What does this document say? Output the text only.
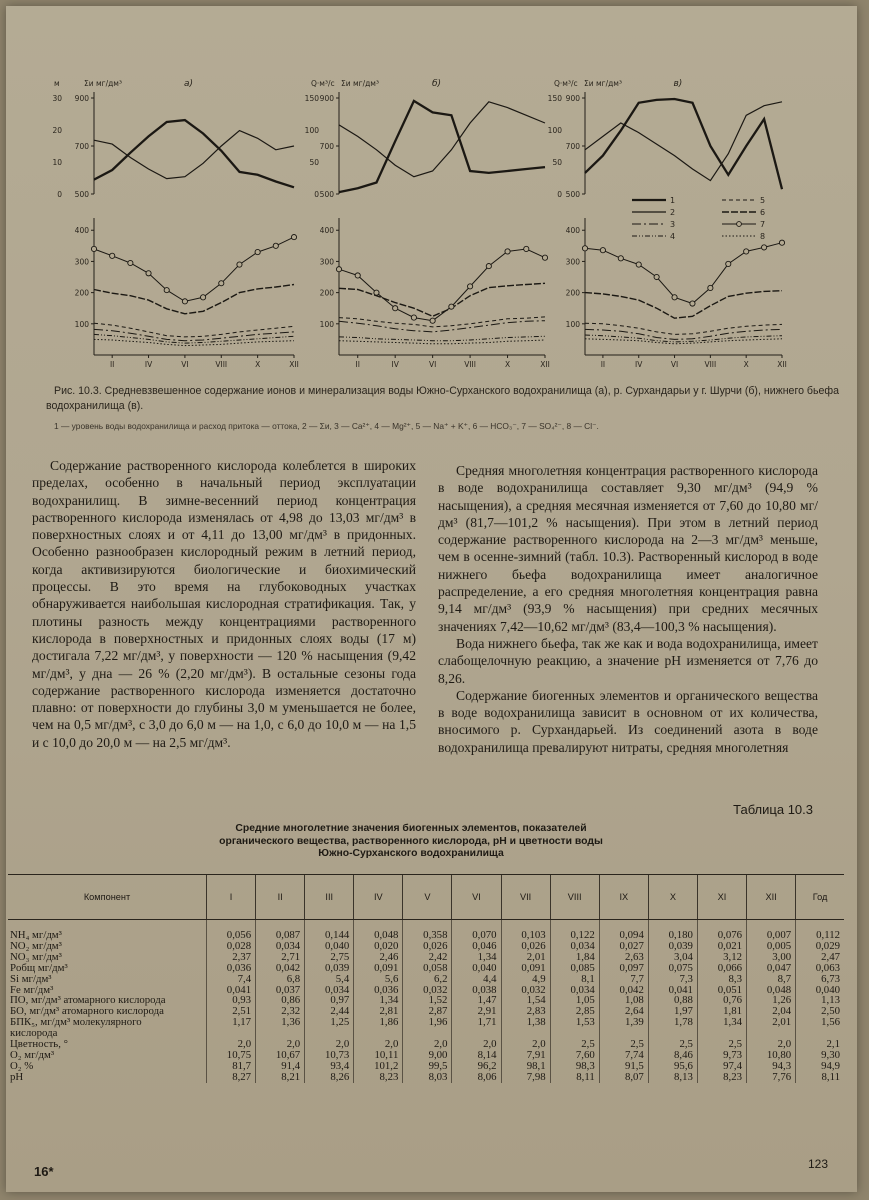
м	Σи мг/дм³	а)
30
20
10
0
900
700
500
400
300
200
100
II	IV	VI	VIII	X	XII
Q·м³/с Σи мг/дм³	б)
150
100
50
0
900
700
500
400
300
200
100
II	IV	VI	VIII	X	XII
Q·м³/с Σи мг/дм³	в)
150
100
50
0
900
700
500
400
300
200
100
II	IV	VI	VIII	X	XII
1
2
3
4
5
6
7
8
Рис. 10.3. Средневзвешенное содержание ионов и минерализация воды Южно-Сурханского водохранилища (а), р. Сурхандарьи у г. Шурчи (б), нижнего бьефа водохранилища (в).
1 — уровень воды водохранилища и расход притока — оттока, 2 — Σи, 3 — Ca²⁺, 4 — Mg²⁺, 5 — Na⁺ + K⁺, 6 — HCO₃⁻, 7 — SO₄²⁻, 8 — Cl⁻.

Содержание растворенного кислорода колеблется в широких пределах, особенно в начальный период эксплуатации водохранилищ. В зимне-весенний период концентрация растворенного кислорода изменялась от 4,98 до 13,03 мг/дм³ в поверхностных слоях и от 4,11 до 13,00 мг/дм³ в придонных. Особенно разнообразен кислородный режим в летний период, когда активизируются биологические и биохимический процессы. В это время на глубоководных участках обнаруживается наибольшая кислородная стратификация. Так, у плотины разность между концентрациями растворенного кислорода в поверхностных и придонных слоях воды (17 м) достигала 7,22 мг/дм³, у поверхности — 120 % насыщения (9,42 мг/дм³, у дна — 26 % (2,20 мг/дм³). В остальные сезоны года содержание растворенного кислорода изменяется достаточно плавно: от поверхности до глубины 3,0 м уменьшается не более, чем на 0,5 мг/дм³, с 3,0 до 6,0 м — на 1,0, с 6,0 до 10,0 м — на 1,5 и с 10,0 до 20,0 м — на 2,5 мг/дм³.

Средняя многолетняя концентрация растворенного кислорода в воде водохранилища составляет 9,30 мг/дм³ (94,9 % насыщения), а средняя месячная изменяется от 7,60 до 10,80 мг/дм³ (81,7—101,2 % насыщения). При этом в летний период содержание растворенного кислорода на 2—3 мг/дм³ меньше, чем в осенне-зимний (табл. 10.3). Растворенный кислород в воде нижнего бьефа водохранилища имеет аналогичное распределение, а его средняя многолетняя концентрация равна 9,14 мг/дм³ (93,9 % насыщения) при средних месячных значениях 7,42—10,62 мг/дм³ (83,4—100,3 % насыщения).

Вода нижнего бьефа, так же как и вода водохранилища, имеет слабощелочную реакцию, а значение pH изменяется от 7,76 до 8,26.

Содержание биогенных элементов и органического вещества в воде водохранилища зависит в основном от их количества, вносимого р. Сурхандарьей. Из соединений азота в воде водохранилища превалируют нитраты, средняя многолетняя

Таблица 10.3
Средние многолетние значения биогенных элементов, показателей
органического вещества, растворенного кислорода, pH и цветности воды
Южно-Сурханского водохранилища
Компонент	I	II	III	IV	V	VI	VII	VIII	IX	X	XI	XII	Год
NH₄ мг/дм³	0,056	0,087	0,144	0,048	0,358	0,070	0,103	0,122	0,094	0,180	0,076	0,007	0,112
NO₂ мг/дм³	0,028	0,034	0,040	0,020	0,026	0,046	0,026	0,034	0,027	0,039	0,021	0,005	0,029
NO₃ мг/дм³	2,37	2,71	2,75	2,46	2,42	1,34	2,01	1,84	2,63	3,04	3,12	3,00	2,47
Pобщ мг/дм³	0,036	0,042	0,039	0,091	0,058	0,040	0,091	0,085	0,097	0,075	0,066	0,047	0,063
Si мг/дм³	7,4	6,8	5,4	5,6	6,2	4,4	4,9	8,1	7,7	7,3	8,3	8,7	6,73
Fe мг/дм³	0,041	0,037	0,034	0,036	0,032	0,038	0,032	0,034	0,042	0,041	0,051	0,048	0,040
ПО, мг/дм³ атомарного кислорода	0,93	0,86	0,97	1,34	1,52	1,47	1,54	1,05	1,08	0,88	0,76	1,26	1,13
БО, мг/дм³ атомарного кислорода	2,51	2,32	2,44	2,81	2,87	2,91	2,83	2,85	2,64	1,97	1,81	2,04	2,50
БПК₅, мг/дм³ молекулярного кислорода	1,17	1,36	1,25	1,86	1,96	1,71	1,38	1,53	1,39	1,78	1,34	2,01	1,56
Цветность, °	2,0	2,0	2,0	2,0	2,0	2,0	2,0	2,5	2,5	2,5	2,5	2,0	2,1
O₂ мг/дм³	10,75	10,67	10,73	10,11	9,00	8,14	7,91	7,60	7,74	8,46	9,73	10,80	9,30
O₂ %	81,7	91,4	93,4	101,2	99,5	96,2	98,1	98,3	91,5	95,6	97,4	94,3	94,9
pH	8,27	8,21	8,26	8,23	8,03	8,06	7,98	8,11	8,07	8,13	8,23	7,76	8,11
16*	123
